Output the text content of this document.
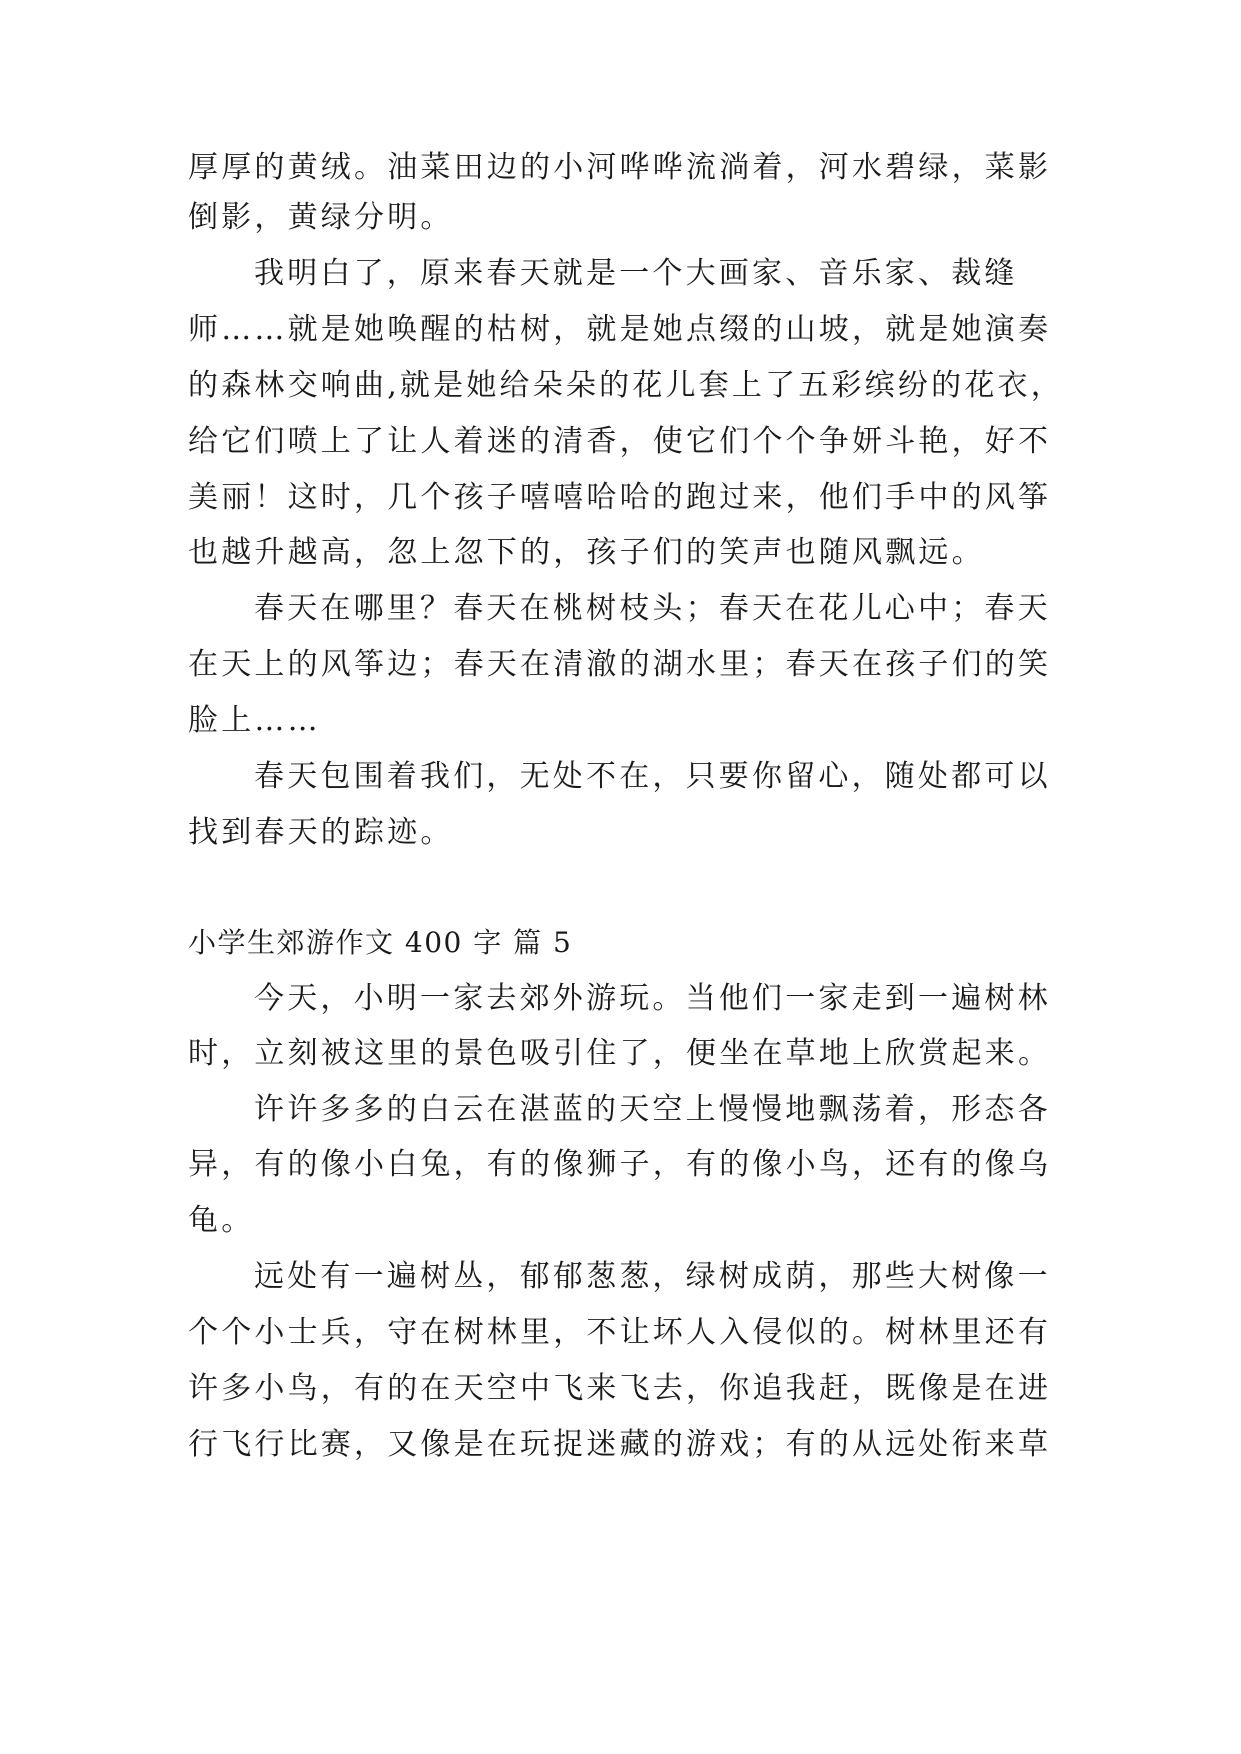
厚厚的黄绒。油菜田边的小河哗哗流淌着，河水碧绿，菜影
倒影，黄绿分明。
我明白了，原来春天就是一个大画家、音乐家、裁缝
师……就是她唤醒的枯树，就是她点缀的山坡，就是她演奏
的森林交响曲,就是她给朵朵的花儿套上了五彩缤纷的花衣，
给它们喷上了让人着迷的清香，使它们个个争妍斗艳，好不
美丽！这时，几个孩子嘻嘻哈哈的跑过来，他们手中的风筝
也越升越高，忽上忽下的，孩子们的笑声也随风飘远。
春天在哪里？春天在桃树枝头；春天在花儿心中；春天
在天上的风筝边；春天在清澈的湖水里；春天在孩子们的笑
脸上……
春天包围着我们，无处不在，只要你留心，随处都可以
找到春天的踪迹。
小学生郊游作文 400 字 篇 5
今天，小明一家去郊外游玩。当他们一家走到一遍树林
时，立刻被这里的景色吸引住了，便坐在草地上欣赏起来。
许许多多的白云在湛蓝的天空上慢慢地飘荡着，形态各
异，有的像小白兔，有的像狮子，有的像小鸟，还有的像乌
龟。
远处有一遍树丛，郁郁葱葱，绿树成荫，那些大树像一
个个小士兵，守在树林里，不让坏人入侵似的。树林里还有
许多小鸟，有的在天空中飞来飞去，你追我赶，既像是在进
行飞行比赛，又像是在玩捉迷藏的游戏；有的从远处衔来草
